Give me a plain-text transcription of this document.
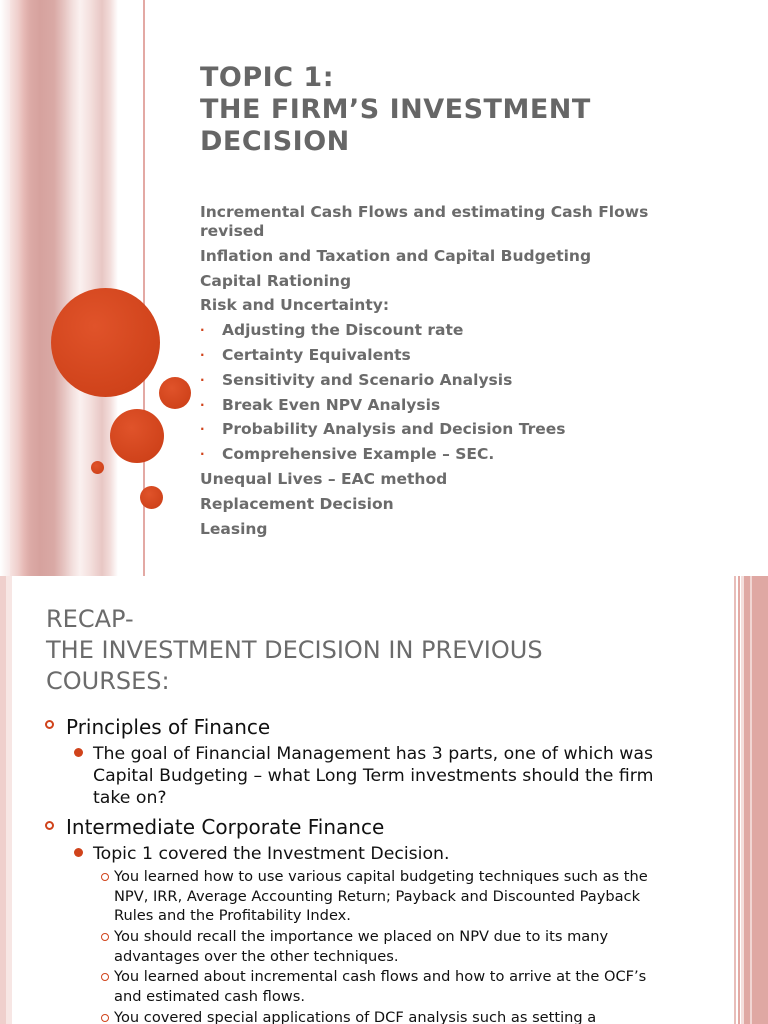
TOPIC 1:
THE FIRM’S INVESTMENT
DECISION
Incremental Cash Flows and estimating Cash Flows revised
Inflation and Taxation and Capital Budgeting
Capital Rationing
Risk and Uncertainty:
· Adjusting the Discount rate
· Certainty Equivalents
· Sensitivity and Scenario Analysis
· Break Even NPV Analysis
· Probability Analysis and Decision Trees
· Comprehensive Example – SEC.
Unequal Lives – EAC method
Replacement Decision
Leasing
RECAP-
THE INVESTMENT DECISION IN PREVIOUS
COURSES:
Principles of Finance
The goal of Financial Management has 3 parts, one of which was Capital Budgeting – what Long Term investments should the firm take on?
Intermediate Corporate Finance
Topic 1 covered the Investment Decision.
You learned how to use various capital budgeting techniques such as the NPV, IRR, Average Accounting Return; Payback and Discounted Payback Rules and the Profitability Index.
You should recall the importance we placed on NPV due to its many advantages over the other techniques.
You learned about incremental cash flows and how to arrive at the OCF’s and estimated cash flows.
You covered special applications of DCF analysis such as setting a
